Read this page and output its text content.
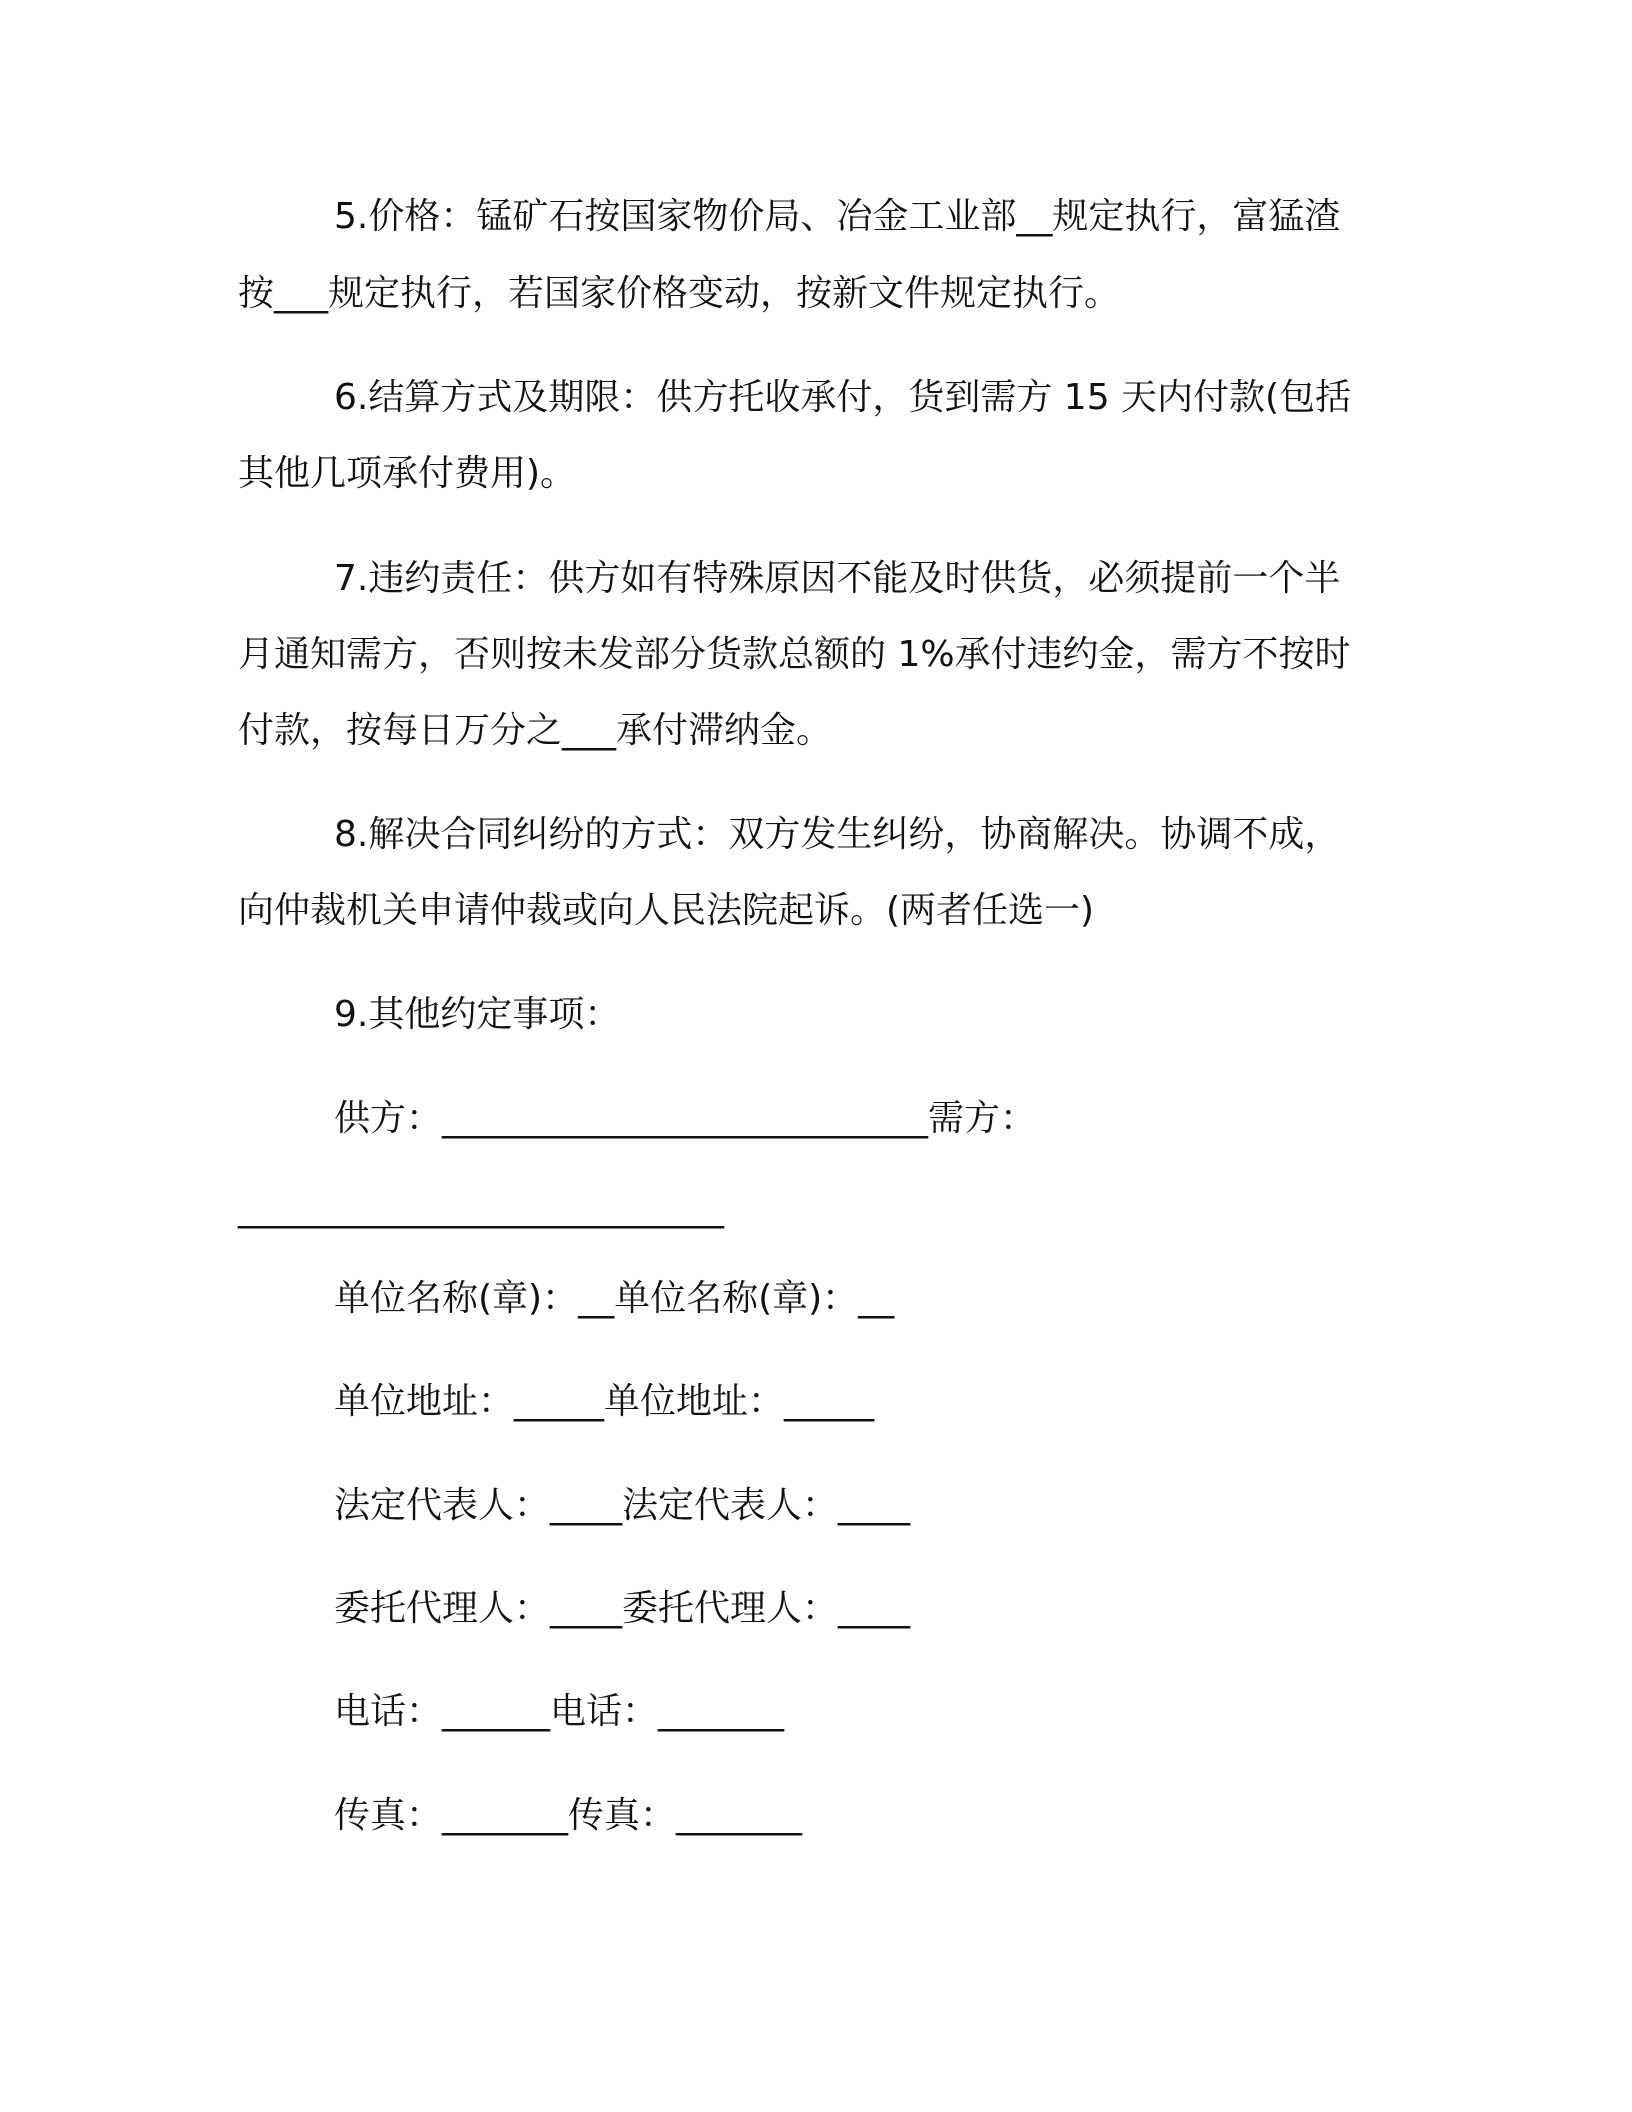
5.价格：锰矿石按国家物价局、冶金工业部__规定执行，富猛渣

按___规定执行，若国家价格变动，按新文件规定执行。

6.结算方式及期限：供方托收承付，货到需方 15 天内付款(包括

其他几项承付费用)。

7.违约责任：供方如有特殊原因不能及时供货，必须提前一个半

月通知需方，否则按未发部分货款总额的 1%承付违约金，需方不按时

付款，按每日万分之___承付滞纳金。

8.解决合同纠纷的方式：双方发生纠纷，协商解决。协调不成，

向仲裁机关申请仲裁或向人民法院起诉。(两者任选一)

9.其他约定事项：

供方：___________________________需方：

___________________________

单位名称(章)：__单位名称(章)：__

单位地址：_____单位地址：_____

法定代表人：____法定代表人：____

委托代理人：____委托代理人：____

电话：______电话：_______

传真：_______传真：_______
